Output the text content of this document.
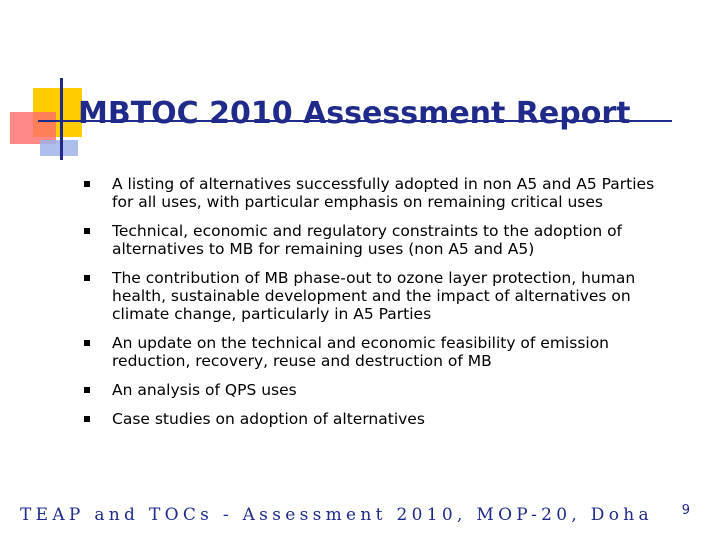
MBTOC 2010 Assessment Report
A listing of alternatives successfully adopted in non A5 and A5 Parties for all uses, with particular emphasis on remaining critical uses
Technical, economic and regulatory constraints to the adoption of alternatives to MB for remaining uses (non A5 and A5)
The contribution of MB phase-out to ozone layer protection, human health, sustainable development and the impact of alternatives on climate change, particularly in A5 Parties
An update on the technical and economic feasibility of emission reduction, recovery, reuse and destruction of MB
An analysis of QPS uses
Case studies on adoption of alternatives
TEAP and TOCs - Assessment 2010, MOP-20, Doha 9
